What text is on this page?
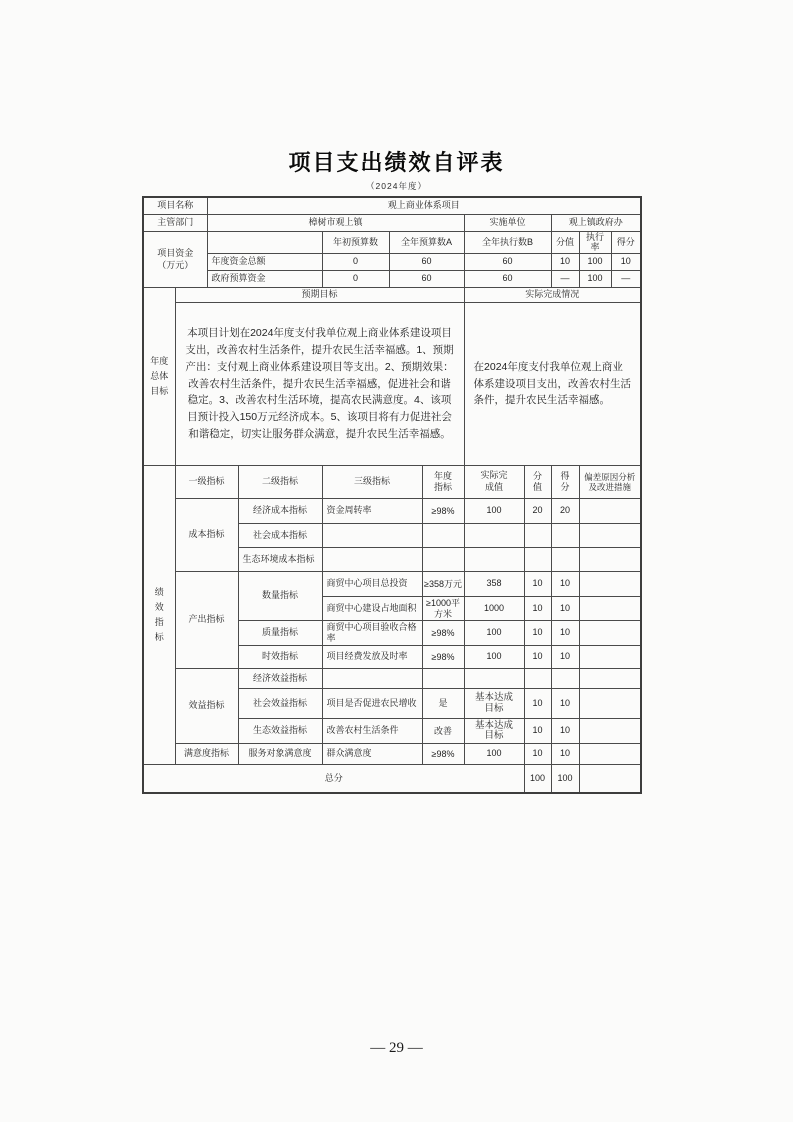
项目支出绩效自评表
（2024年度）
项目名称		观上商业体系项目									
主管部门		樟树市观上镇					实施单位		观上镇政府办		
项目资金（万元）				年初预算数	全年预算数A		全年执行数B		分值	执行率	得分
		年度资金总额		0	60		60		10	100	10
		政府预算资金		0	60		60		—	100	—
年度总体目标	预期目标						实际完成情况				
	本项目计划在2024年度支付我单位观上商业体系建设项目支出，改善农村生活条件，提升农民生活幸福感。1、预期产出：支付观上商业体系建设项目等支出。2、预期效果：改善农村生活条件，提升农民生活幸福感，促进社会和谐稳定。3、改善农村生活环境，提高农民满意度。4、该项目预计投入150万元经济成本。5、该项目将有力促进社会和谐稳定，切实让服务群众满意，提升农民生活幸福感。						在2024年度支付我单位观上商业体系建设项目支出，改善农村生活条件，提升农民生活幸福感。				
绩效指标	一级指标		二级指标	三级指标		年度指标	实际完成值	分值	得分	偏差原因分析及改进措施	
	成本指标		经济成本指标	资金周转率		≥98%	100	20	20		
			社会成本指标								
			生态环境成本指标								
	产出指标		数量指标	商贸中心项目总投资		≥358万元	358	10	10		
				商贸中心建设占地面积		≥1000平方米	1000	10	10		
			质量指标	商贸中心项目验收合格率		≥98%	100	10	10		
			时效指标	项目经费发放及时率		≥98%	100	10	10		
	效益指标		经济效益指标								
			社会效益指标	项目是否促进农民增收		是	基本达成目标	10	10		
			生态效益指标	改善农村生活条件		改善	基本达成目标	10	10		
	满意度指标		服务对象满意度	群众满意度		≥98%	100	10	10		
总分								100	100		
— 29 —
